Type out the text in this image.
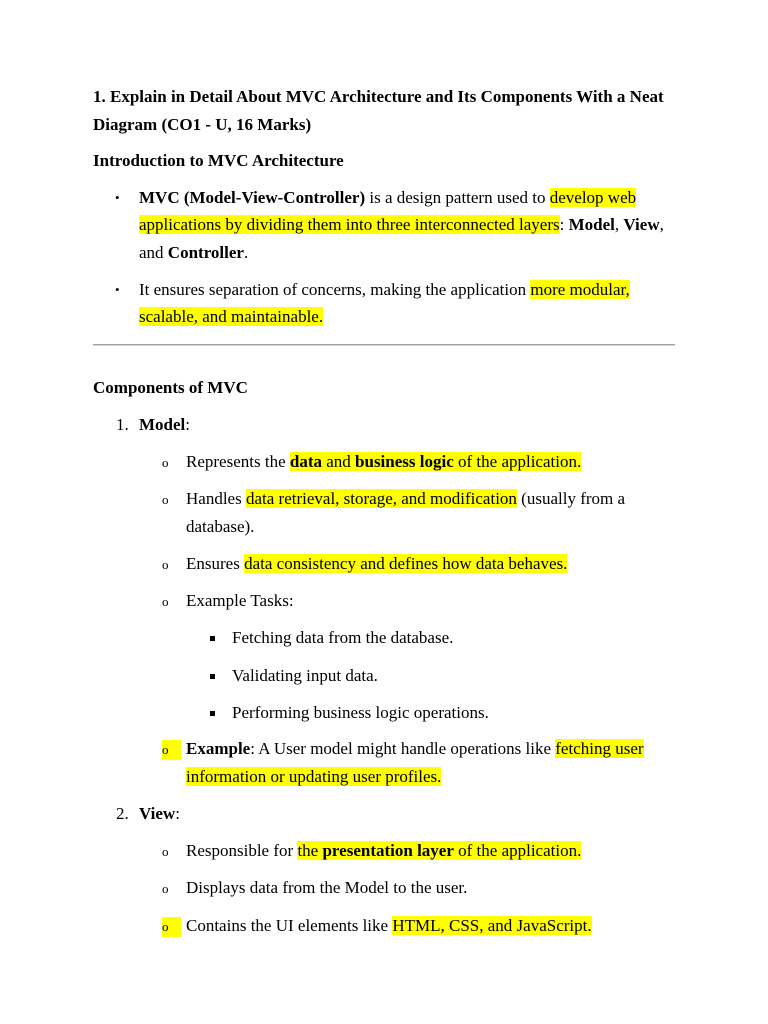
1. Explain in Detail About MVC Architecture and Its Components With a Neat
Diagram (CO1 - U, 16 Marks)
Introduction to MVC Architecture
• MVC (Model-View-Controller) is a design pattern used to develop web
applications by dividing them into three interconnected layers: Model, View,
and Controller.
• It ensures separation of concerns, making the application more modular,
scalable, and maintainable.
Components of MVC
1. Model:
o Represents the data and business logic of the application.
o Handles data retrieval, storage, and modification (usually from a
database).
o Ensures data consistency and defines how data behaves.
o Example Tasks:
Fetching data from the database.
Validating input data.
Performing business logic operations.
o	Example: A User model might handle operations like fetching user
information or updating user profiles.
2. View:
o Responsible for the presentation layer of the application.
o Displays data from the Model to the user.
o	Contains the UI elements like HTML, CSS, and JavaScript.
